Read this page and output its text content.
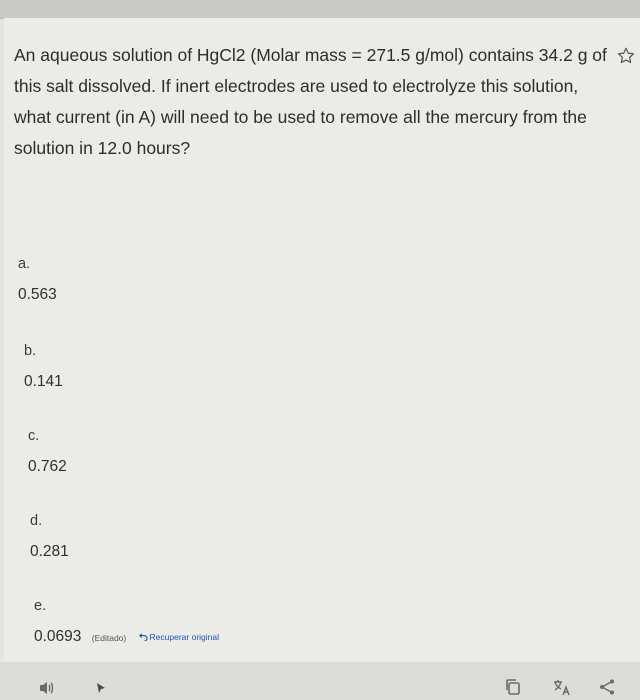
An aqueous solution of HgCl2 (Molar mass = 271.5 g/mol) contains 34.2 g of this salt dissolved. If inert electrodes are used to electrolyze this solution, what current (in A) will need to be used to remove all the mercury from the solution in 12.0 hours?
a.
0.563
b.
0.141
c.
0.762
d.
0.281
e.
0.0693 (Editado)	Recuperar original
